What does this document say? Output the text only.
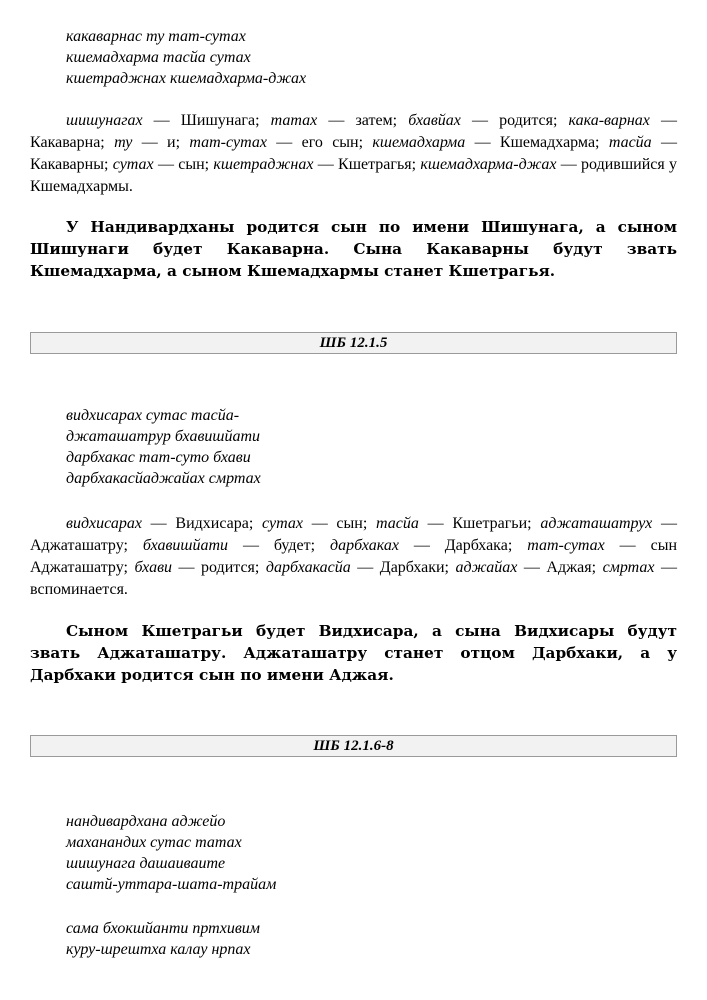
какаварнас ту тат-сутах
кшемадхарма тасйа сутах
кшетраджнах кшемадхарма-джах
шишунагах — Шишунага; татах — затем; бхавйах — родится; кака-варнах — Какаварна; ту — и; тат-сутах — его сын; кшемадхарма — Кшемадхарма; тасйа — Какаварны; сутах — сын; кшетраджнах — Кшетрагья; кшемадхарма-джах — родившийся у Кшемадхармы.
У Нандивардханы родится сын по имени Шишунага, а сыном Шишунаги будет Какаварна. Сына Какаварны будут звать Кшемадхарма, а сыном Кшемадхармы станет Кшетрагья.
ШБ 12.1.5
видхисарах сутас тасйа-
джаташатрур бхавишйати
дарбхакас тат-суто бхави
дарбхакасйаджайах смртах
видхисарах — Видхисара; сутах — сын; тасйа — Кшетрагьи; аджаташатрух — Аджаташатру; бхавишйати — будет; дарбхаках — Дарбхака; тат-сутах — сын Аджаташатру; бхави — родится; дарбхакасйа — Дарбхаки; аджайах — Аджая; смртах — вспоминается.
Сыном Кшетрагьи будет Видхисара, а сына Видхисары будут звать Аджаташатру. Аджаташатру станет отцом Дарбхаки, а у Дарбхаки родится сын по имени Аджая.
ШБ 12.1.6-8
нандивардхана аджейо
маханандих сутас татах
шишунага дашаиваите
саштй-уттара-шата-трайам
сама бхокшйанти пртхивим
куру-шрештха калау нрпах
